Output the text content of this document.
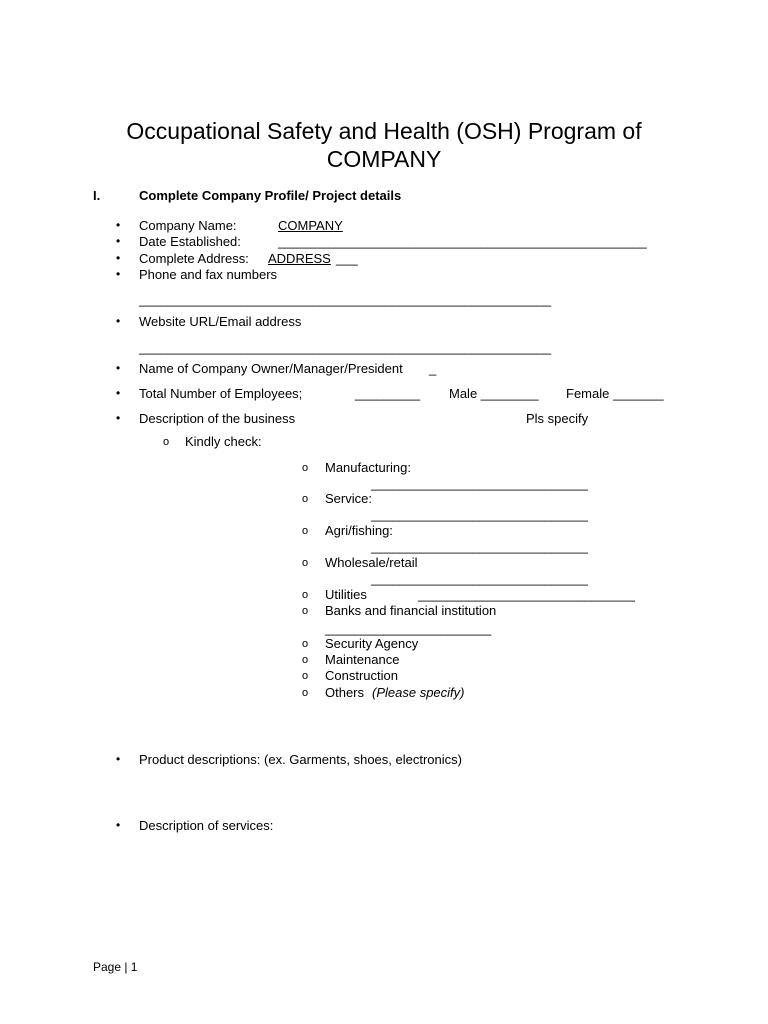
Occupational Safety and Health (OSH) Program of
COMPANY
I.	Complete Company Profile/ Project details
• Company Name:	COMPANY
• Date Established:	___________________________________________________
• Complete Address: ADDRESS ___
• Phone and fax numbers
_________________________________________________________
• Website URL/Email address
_________________________________________________________
• Name of Company Owner/Manager/President _
• Total Number of Employees;	_________ Male ________ Female _______
• Description of the business	Pls specify
o Kindly check:
o Manufacturing:
______________________________
o Service:
______________________________
o Agri/fishing:
______________________________
o Wholesale/retail
______________________________
o Utilities	______________________________
o Banks and financial institution
_______________________
o Security Agency
o Maintenance
o Construction
o Others (Please specify)
• Product descriptions: (ex. Garments, shoes, electronics)
• Description of services:
Page | 1
